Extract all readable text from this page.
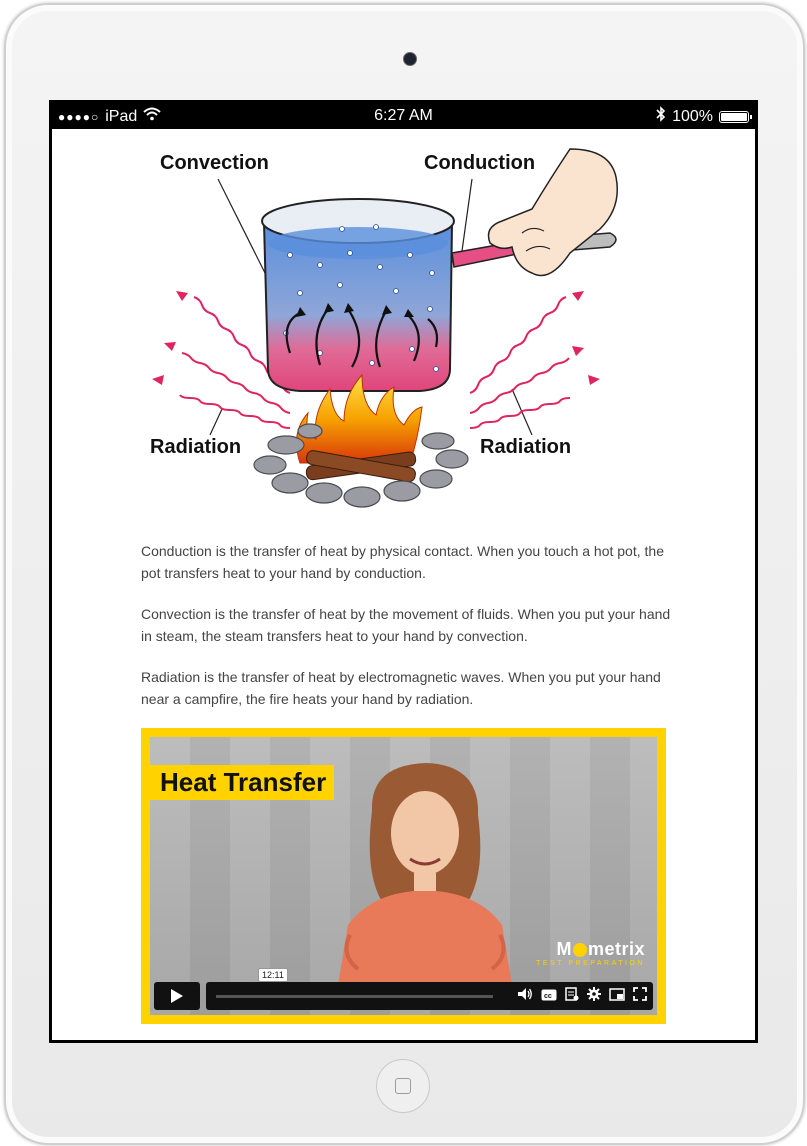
●●●●○ iPad	6:27 AM	100%
Convection	Conduction
Radiation	Radiation

Conduction is the transfer of heat by physical contact. When you touch a hot pot, the pot transfers heat to your hand by conduction.

Convection is the transfer of heat by the movement of fluids. When you put your hand in steam, the steam transfers heat to your hand by convection.

Radiation is the transfer of heat by electromagnetic waves. When you put your hand near a campfire, the fire heats your hand by radiation.

Heat Transfer
M metrix
TEST PREPARATION
12:11
cc
